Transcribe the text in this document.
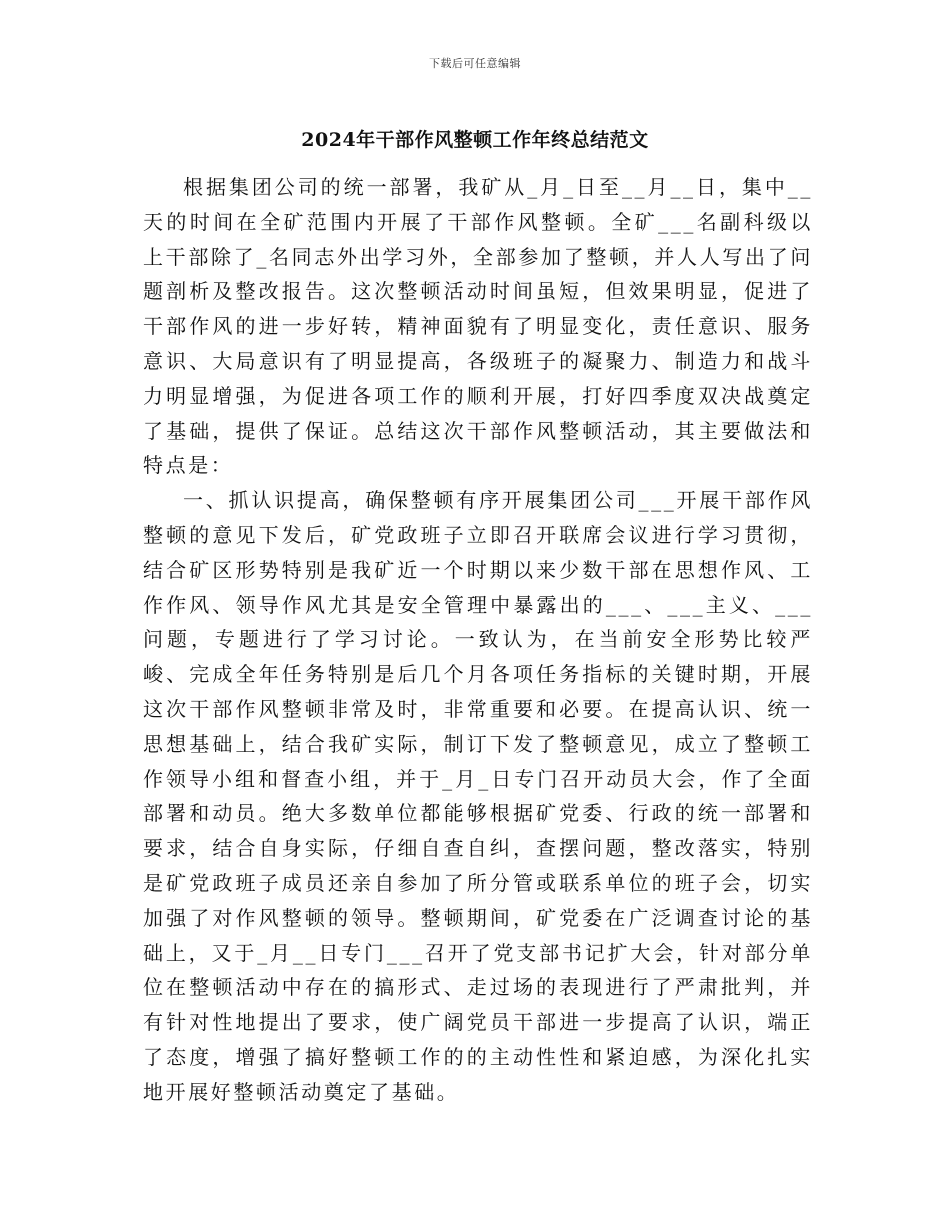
下载后可任意编辑
2024年干部作风整顿工作年终总结范文

根据集团公司的统一部署，我矿从_月_日至__月__日，集中__天的时间在全矿范围内开展了干部作风整顿。全矿___名副科级以上干部除了_名同志外出学习外，全部参加了整顿，并人人写出了问题剖析及整改报告。这次整顿活动时间虽短，但效果明显，促进了干部作风的进一步好转，精神面貌有了明显变化，责任意识、服务意识、大局意识有了明显提高，各级班子的凝聚力、制造力和战斗力明显增强，为促进各项工作的顺利开展，打好四季度双决战奠定了基础，提供了保证。总结这次干部作风整顿活动，其主要做法和特点是：

一、抓认识提高，确保整顿有序开展集团公司___开展干部作风整顿的意见下发后，矿党政班子立即召开联席会议进行学习贯彻，结合矿区形势特别是我矿近一个时期以来少数干部在思想作风、工作作风、领导作风尤其是安全管理中暴露出的___、___主义、___问题，专题进行了学习讨论。一致认为，在当前安全形势比较严峻、完成全年任务特别是后几个月各项任务指标的关键时期，开展这次干部作风整顿非常及时，非常重要和必要。在提高认识、统一思想基础上，结合我矿实际，制订下发了整顿意见，成立了整顿工作领导小组和督查小组，并于_月_日专门召开动员大会，作了全面部署和动员。绝大多数单位都能够根据矿党委、行政的统一部署和要求，结合自身实际，仔细自查自纠，查摆问题，整改落实，特别是矿党政班子成员还亲自参加了所分管或联系单位的班子会，切实加强了对作风整顿的领导。整顿期间，矿党委在广泛调查讨论的基础上，又于_月__日专门___召开了党支部书记扩大会，针对部分单位在整顿活动中存在的搞形式、走过场的表现进行了严肃批判，并有针对性地提出了要求，使广阔党员干部进一步提高了认识，端正了态度，增强了搞好整顿工作的的主动性性和紧迫感，为深化扎实地开展好整顿活动奠定了基础。
